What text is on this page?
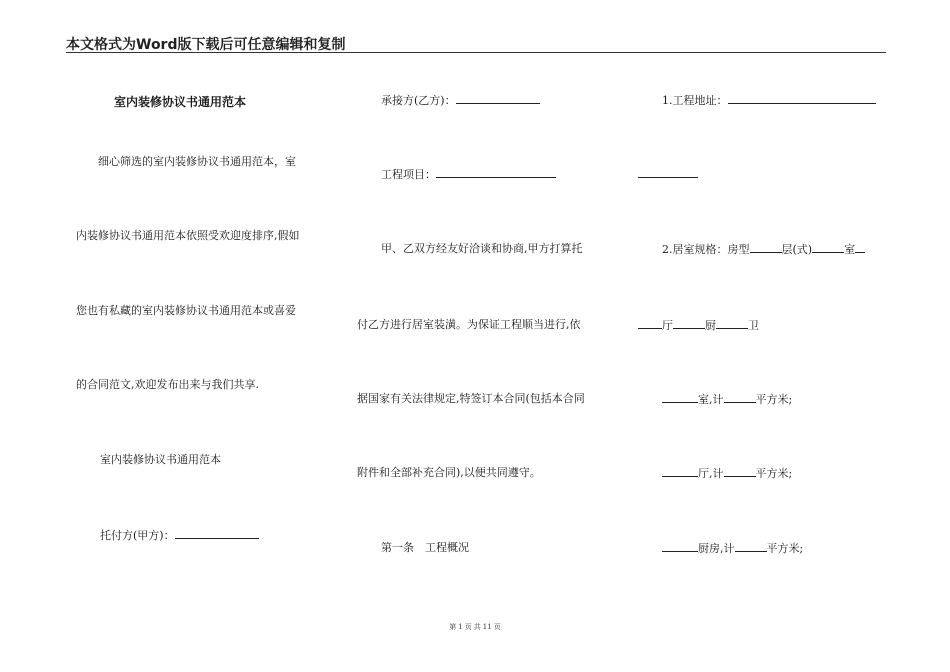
本文格式为Word版下载后可任意编辑和复制
室内装修协议书通用范本
细心筛选的室内装修协议书通用范本，室
内装修协议书通用范本依照受欢迎度排序,假如
您也有私藏的室内装修协议书通用范本或喜爱
的合同范文,欢迎发布出来与我们共享.
室内装修协议书通用范本
托付方(甲方)：
承接方(乙方)：
工程项目：
甲、乙双方经友好洽谈和协商,甲方打算托
付乙方进行居室装潢。为保证工程顺当进行,依
据国家有关法律规定,特签订本合同(包括本合同
附件和全部补充合同),以便共同遵守。
第一条　工程概况
1.工程地址：
2.居室规格：房型	层(式)	室
厅	厨	卫
室,计	平方米;
厅,计	平方米;
厨房,计	平方米;
第 1 页 共 11 页
